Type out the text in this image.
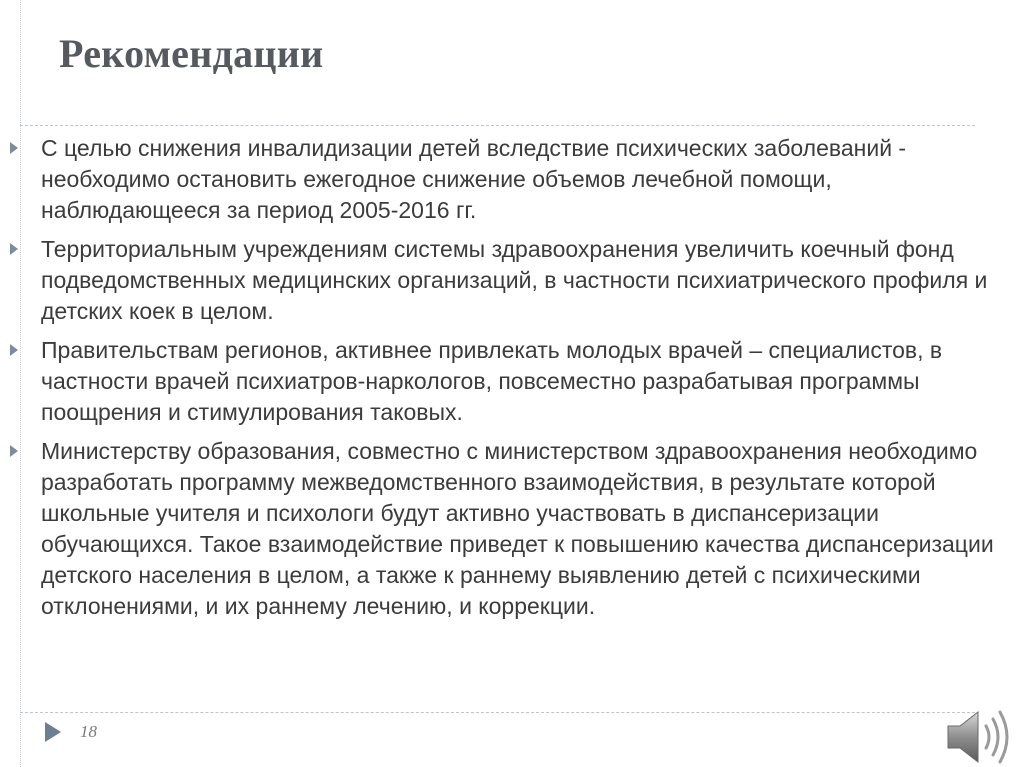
Рекомендации
С целью снижения инвалидизации детей вследствие психических заболеваний - необходимо остановить ежегодное снижение объемов лечебной помощи, наблюдающееся за период 2005-2016 гг.
Территориальным учреждениям системы здравоохранения увеличить коечный фонд подведомственных медицинских организаций, в частности психиатрического профиля и детских коек в целом.
Правительствам регионов, активнее привлекать молодых врачей – специалистов, в частности врачей психиатров-наркологов, повсеместно разрабатывая программы поощрения и стимулирования таковых.
Министерству образования, совместно с министерством здравоохранения необходимо разработать программу межведомственного взаимодействия, в результате которой школьные учителя и психологи будут активно участвовать в диспансеризации обучающихся. Такое взаимодействие приведет к повышению качества диспансеризации детского населения в целом, а также к раннему выявлению детей с психическими отклонениями, и их раннему лечению, и коррекции.
18
